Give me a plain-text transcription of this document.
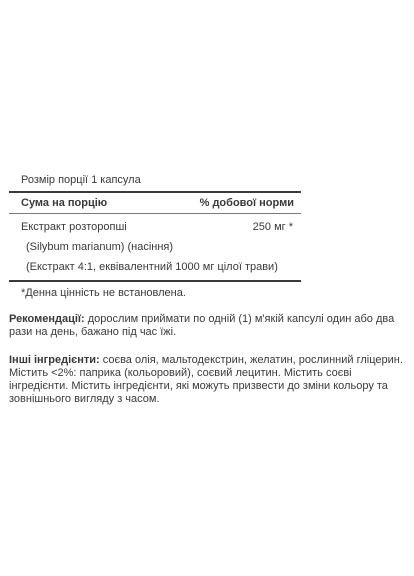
Розмір порції 1 капсула
Сума на порцію	% добової норми
Екстракт розторопші	250 мг *
(Silybum marianum) (насіння)
(Екстракт 4:1, еквівалентний 1000 мг цілої трави)
*Денна цінність не встановлена.
Рекомендації: дорослим приймати по одній (1) м'якій капсулі один або два рази на день, бажано під час їжі.
Інші інгредієнти: соєва олія, мальтодекстрин, желатин, рослинний гліцерин. Містить <2%: паприка (кольоровий), соєвий лецитин. Містить соєві інгредієнти. Містить інгредієнти, які можуть призвести до зміни кольору та зовнішнього вигляду з часом.
